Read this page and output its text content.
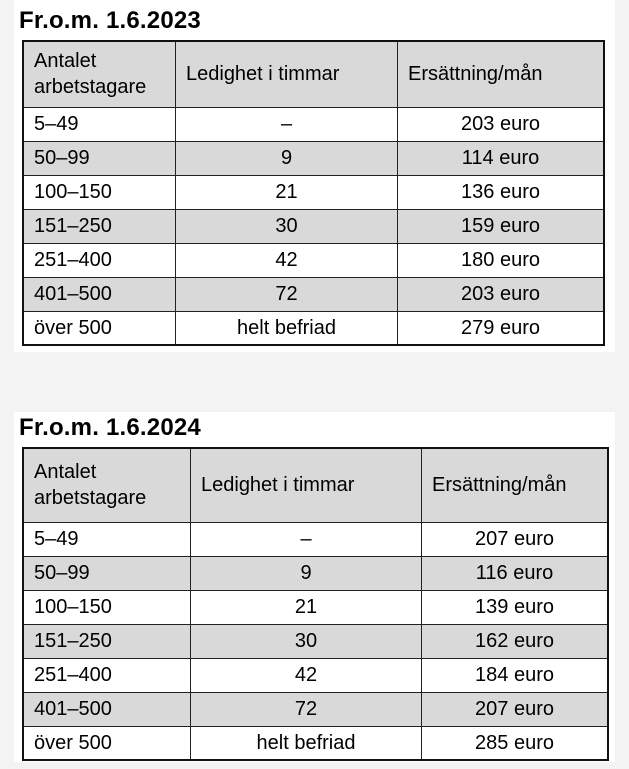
Fr.o.m. 1.6.2023
Antalet
arbetstagare	Ledighet i timmar	Ersättning/mån
5–49	–	203 euro
50–99	9	114 euro
100–150	21	136 euro
151–250	30	159 euro
251–400	42	180 euro
401–500	72	203 euro
över 500	helt befriad	279 euro
Fr.o.m. 1.6.2024
Antalet
arbetstagare	Ledighet i timmar	Ersättning/mån
5–49	–	207 euro
50–99	9	116 euro
100–150	21	139 euro
151–250	30	162 euro
251–400	42	184 euro
401–500	72	207 euro
över 500	helt befriad	285 euro
